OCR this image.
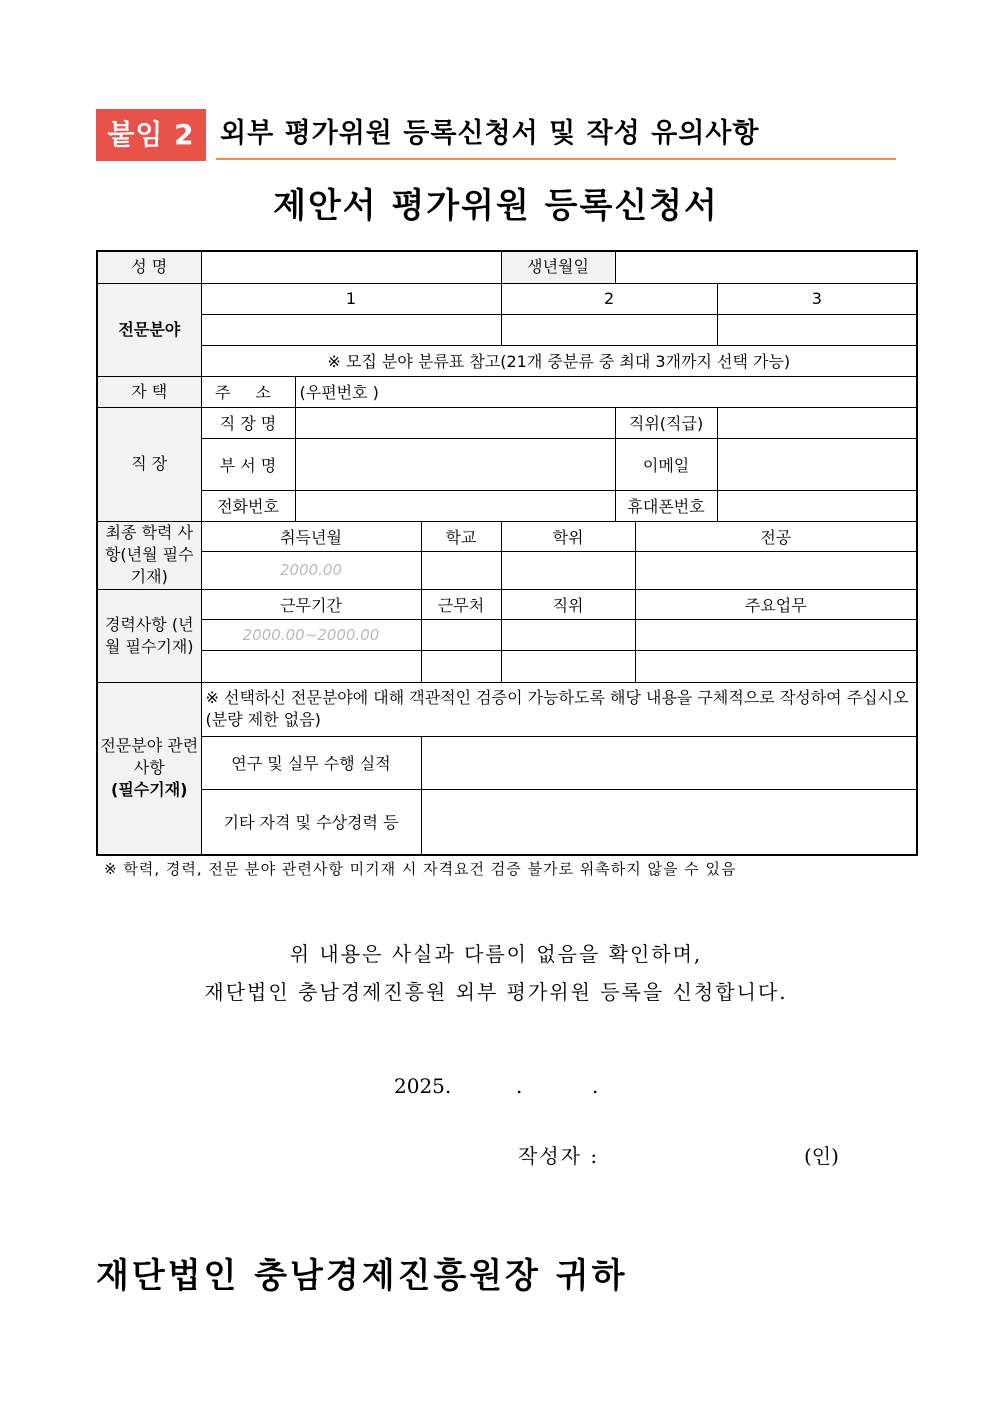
붙임 2 외부 평가위원 등록신청서 및 작성 유의사항
제안서 평가위원 등록신청서
성 명				생년월일			
전문분야	1			2			3

	※ 모집 분야 분류표 참고(21개 중분류 중 최대 3개까지 선택 가능)						
자 택	주 소	(우편번호 )					
직 장	직 장 명				직위(직급)		
	부 서 명				이메일		
	전화번호				휴대폰번호		
최종 학력 사항(년월 필수기재)	취득년월		학교	학위		전공	
	2000.00						
경력사항 (년월 필수기재)	근무기간		근무처	직위		주요업무	
	2000.00~2000.00						

전문분야 관련사항
(필수기재)	※ 선택하신 전문분야에 대해 객관적인 검증이 가능하도록 해당 내용을 구체적으로 작성하여 주십시오(분량 제한 없음)						
	연구 및 실무 수행 실적						
	기타 자격 및 수상경력 등						
※ 학력, 경력, 전문 분야 관련사항 미기재 시 자격요건 검증 불가로 위촉하지 않을 수 있음
위 내용은 사실과 다름이 없음을 확인하며,
재단법인 충남경제진흥원 외부 평가위원 등록을 신청합니다.
2025.	.	.
작성자 :	(인)
재단법인 충남경제진흥원장 귀하
